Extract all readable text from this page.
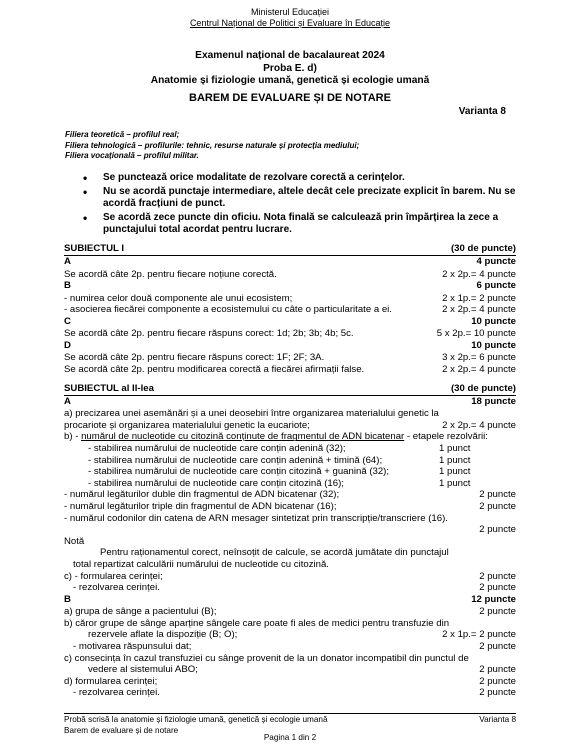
Ministerul Educației
Centrul Național de Politici și Evaluare în Educație
Examenul național de bacalaureat 2024
Proba E. d)
Anatomie și fiziologie umană, genetică și ecologie umană
BAREM DE EVALUARE ȘI DE NOTARE
Varianta 8
Filiera teoretică – profilul real;
Filiera tehnologică – profilurile: tehnic, resurse naturale și protecția mediului;
Filiera vocațională – profilul militar.
• Se punctează orice modalitate de rezolvare corectă a cerințelor.
• Nu se acordă punctaje intermediare, altele decât cele precizate explicit în barem. Nu se acordă fracțiuni de punct.
• Se acordă zece puncte din oficiu. Nota finală se calculează prin împărțirea la zece a punctajului total acordat pentru lucrare.
SUBIECTUL I	(30 de puncte)
A	4 puncte
Se acordă câte 2p. pentru fiecare noțiune corectă.	2 x 2p.= 4 puncte
B	6 puncte
- numirea celor două componente ale unui ecosistem;	2 x 1p.= 2 puncte
- asocierea fiecărei componente a ecosistemului cu câte o particularitate a ei.	2 x 2p.= 4 puncte
C	10 puncte
Se acordă câte 2p. pentru fiecare răspuns corect: 1d; 2b; 3b; 4b; 5c.	5 x 2p.= 10 puncte
D	10 puncte
Se acordă câte 2p. pentru fiecare răspuns corect: 1F; 2F; 3A.	3 x 2p.= 6 puncte
Se acordă câte 2p. pentru modificarea corectă a fiecărei afirmații false.	2 x 2p.= 4 puncte
SUBIECTUL al II-lea	(30 de puncte)
A	18 puncte
a) precizarea unei asemănări și a unei deosebiri între organizarea materialului genetic la
procariote și organizarea materialului genetic la eucariote;	2 x 2p.= 4 puncte
b) - numărul de nucleotide cu citozină conținute de fragmentul de ADN bicatenar - etapele rezolvării:
- stabilirea numărului de nucleotide care conțin adenină (32);	1 punct
- stabilirea numărului de nucleotide care conțin adenină + timină (64);	1 punct
- stabilirea numărului de nucleotide care conțin citozină + guanină (32);	1 punct
- stabilirea numărului de nucleotide care conțin citozină (16);	1 punct
- numărul legăturilor duble din fragmentul de ADN bicatenar (32);	2 puncte
- numărul legăturilor triple din fragmentul de ADN bicatenar (16);	2 puncte
- numărul codonilor din catena de ARN mesager sintetizat prin transcripție/transcriere (16).
2 puncte
Notă
Pentru raționamentul corect, neînsoțit de calcule, se acordă jumătate din punctajul
total repartizat calculării numărului de nucleotide cu citozină.
c) - formularea cerinței;	2 puncte
- rezolvarea cerinței.	2 puncte
B	12 puncte
a) grupa de sânge a pacientului (B);	2 puncte
b) căror grupe de sânge aparține sângele care poate fi ales de medici pentru transfuzie din
rezervele aflate la dispoziție (B; O);	2 x 1p.= 2 puncte
- motivarea răspunsului dat;	2 puncte
c) consecința în cazul transfuziei cu sânge provenit de la un donator incompatibil din punctul de
vedere al sistemului ABO;	2 puncte
d) formularea cerinței;	2 puncte
- rezolvarea cerinței.	2 puncte
Probă scrisă la anatomie și fiziologie umană, genetică și ecologie umană
Barem de evaluare și de notare
Varianta 8
Pagina 1 din 2
